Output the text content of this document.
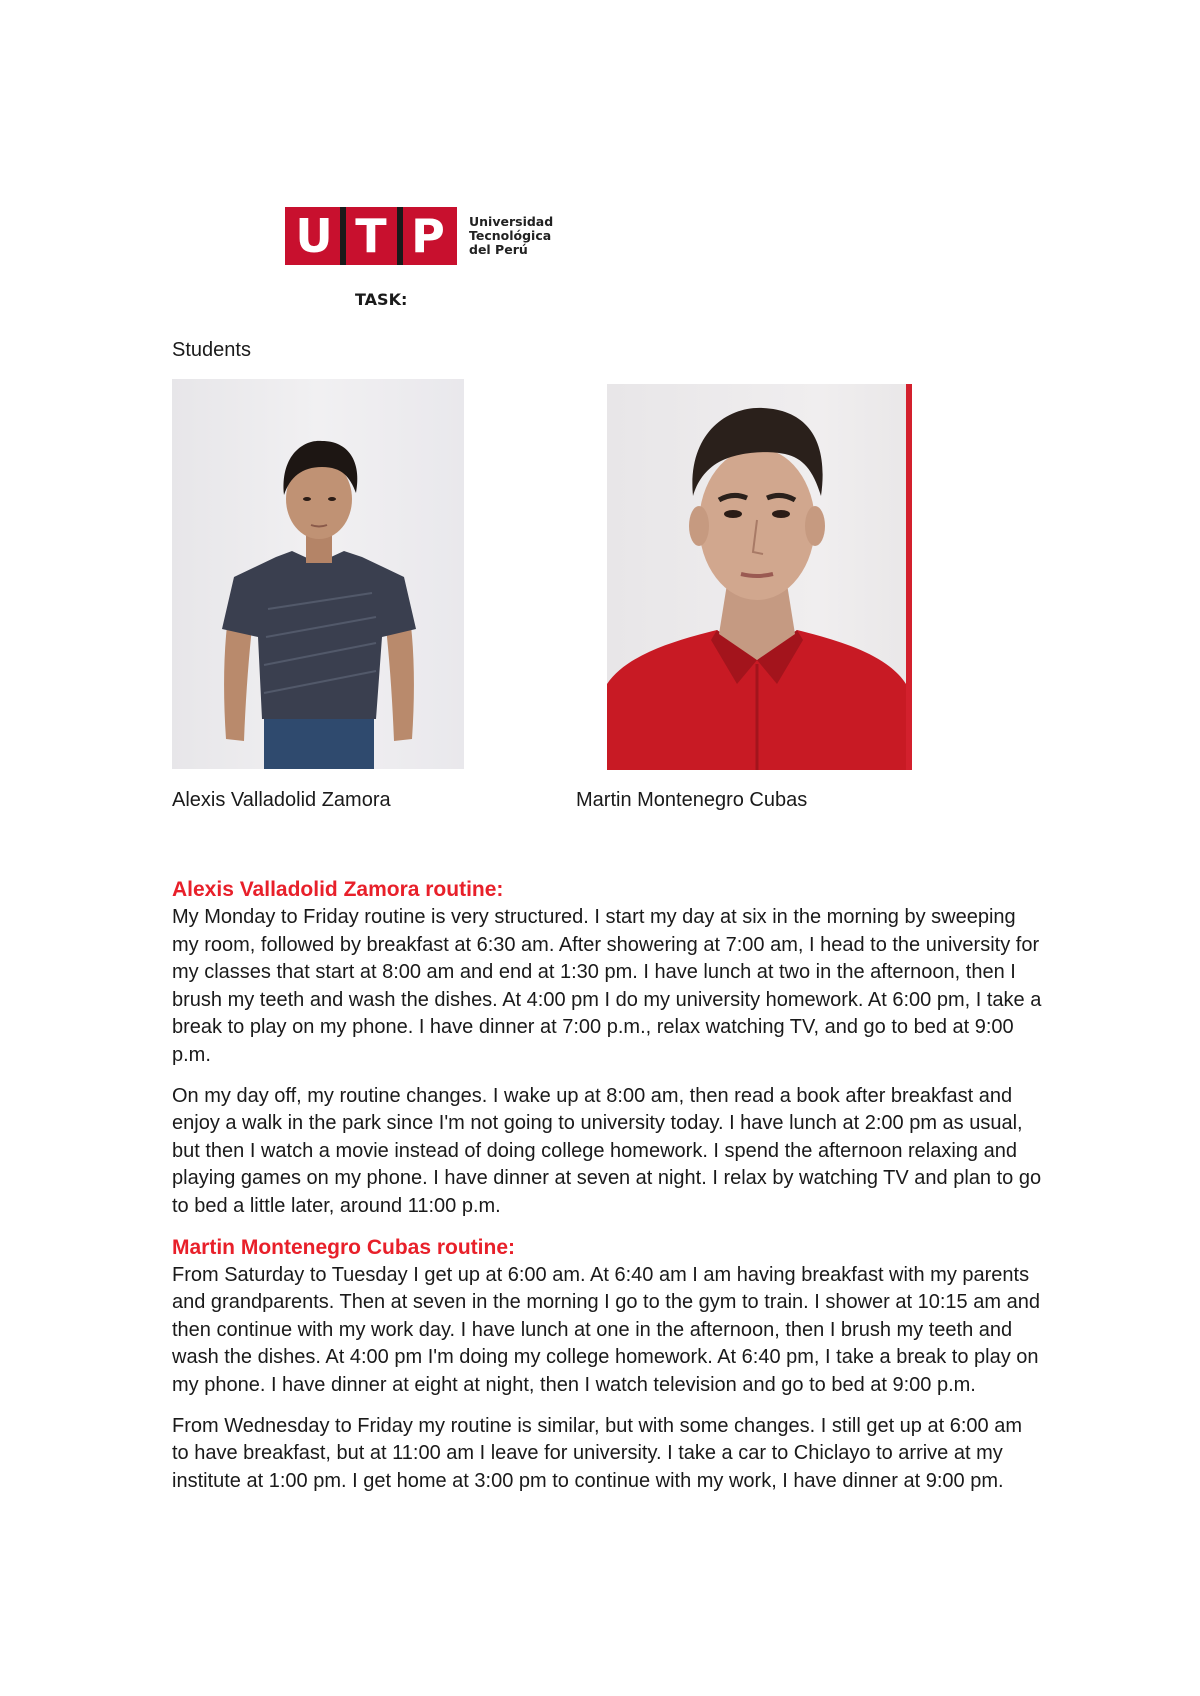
U T P	Universidad
Tecnológica
del Perú
TASK:
Students
Alexis Valladolid Zamora	Martin Montenegro Cubas
Alexis Valladolid Zamora routine:

My Monday to Friday routine is very structured. I start my day at six in the morning by sweeping my room, followed by breakfast at 6:30 am. After showering at 7:00 am, I head to the university for my classes that start at 8:00 am and end at 1:30 pm. I have lunch at two in the afternoon, then I brush my teeth and wash the dishes. At 4:00 pm I do my university homework. At 6:00 pm, I take a break to play on my phone. I have dinner at 7:00 p.m., relax watching TV, and go to bed at 9:00 p.m.

On my day off, my routine changes. I wake up at 8:00 am, then read a book after breakfast and enjoy a walk in the park since I'm not going to university today. I have lunch at 2:00 pm as usual, but then I watch a movie instead of doing college homework. I spend the afternoon relaxing and playing games on my phone. I have dinner at seven at night. I relax by watching TV and plan to go to bed a little later, around 11:00 p.m.

Martin Montenegro Cubas routine:

From Saturday to Tuesday I get up at 6:00 am. At 6:40 am I am having breakfast with my parents and grandparents. Then at seven in the morning I go to the gym to train. I shower at 10:15 am and then continue with my work day. I have lunch at one in the afternoon, then I brush my teeth and wash the dishes. At 4:00 pm I'm doing my college homework. At 6:40 pm, I take a break to play on my phone. I have dinner at eight at night, then I watch television and go to bed at 9:00 p.m.

From Wednesday to Friday my routine is similar, but with some changes. I still get up at 6:00 am to have breakfast, but at 11:00 am I leave for university. I take a car to Chiclayo to arrive at my institute at 1:00 pm. I get home at 3:00 pm to continue with my work, I have dinner at 9:00 pm.
